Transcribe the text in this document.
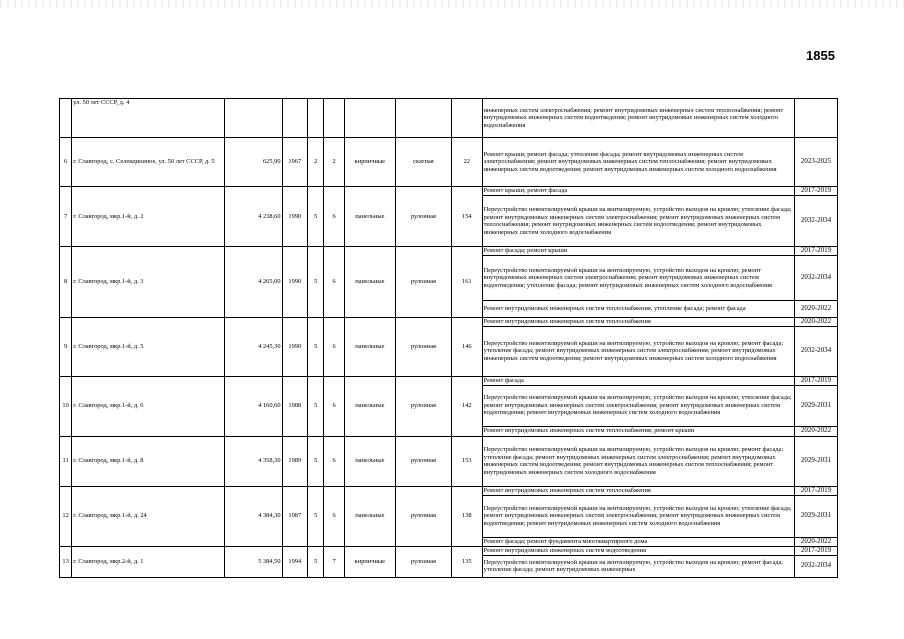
1855
	ул. 50 лет СССР, д. 4								инженерных систем электроснабжения; ремонт внутридомовых инженерных систем теплоснабжения; ремонт внутридомовых инженерных систем водоотведения; ремонт внутридомовых инженерных систем холодного водоснабжения	
6	г. Славгород, с. Селекционное, ул. 50 лет СССР, д. 5	625,90	1967	2	2	кирпичные	скатная	22	Ремонт крыши; ремонт фасада; утепление фасада; ремонт внутридомовых инженерных систем электроснабжения; ремонт внутридомовых инженерных систем теплоснабжения; ремонт внутридомовых инженерных систем водоотведения; ремонт внутридомовых инженерных систем холодного водоснабжения	2023-2025
7	г. Славгород, мкр.1-й, д. 2	4 238,60	1990	5	6	панельные	рулонная	154	Ремонт крыши; ремонт фасада	2017-2019
									Переустройство невентилируемой крыши на вентилируемую, устройство выходов на кровлю; утепление фасада; ремонт внутридомовых инженерных систем электроснабжения; ремонт внутридомовых инженерных систем теплоснабжения; ремонт внутридомовых инженерных систем водоотведения; ремонт внутридомовых инженерных систем холодного водоснабжения	2032-2034
8	г. Славгород, мкр.1-й, д. 3	4 265,00	1990	5	6	панельные	рулонная	161	Ремонт фасада; ремонт крыши	2017-2019
									Переустройство невентилируемой крыши на вентилируемую, устройство выходов на кровлю; ремонт внутридомовых инженерных систем электроснабжения; ремонт внутридомовых инженерных систем водоотведения; утепление фасада; ремонт внутридомовых инженерных систем холодного водоснабжения	2032-2034
									Ремонт внутридомовых инженерных систем теплоснабжения, утепление фасада; ремонт фасада	2020-2022
9	г. Славгород, мкр.1-й, д. 5	4 245,30	1990	5	6	панельные	рулонная	146	Ремонт внутридомовых инженерных систем теплоснабжения	2020-2022
									Переустройство невентилируемой крыши на вентилируемую, устройство выходов на кровлю; ремонт фасада; утепление фасада; ремонт внутридомовых инженерных систем электроснабжения; ремонт внутридомовых инженерных систем водоотведения; ремонт внутридомовых инженерных систем холодного водоснабжения	2032-2034
10	г. Славгород, мкр.1-й, д. 6	4 160,60	1988	5	6	панельные	рулонная	142	Ремонт фасада	2017-2019
									Переустройство невентилируемой крыши на вентилируемую, устройство выходов на кровлю; утепление фасада; ремонт внутридомовых инженерных систем электроснабжения; ремонт внутридомовых инженерных систем водоотведения; ремонт внутридомовых инженерных систем холодного водоснабжения	2029-2031
									Ремонт внутридомовых инженерных систем теплоснабжения; ремонт крыши	2020-2022
11	г. Славгород, мкр.1-й, д. 8	4 358,30	1989	5	6	панельные	рулонная	153	Переустройство невентилируемой крыши на вентилируемую, устройство выходов на кровлю; ремонт фасада; утепление фасада; ремонт внутридомовых инженерных систем электроснабжения; ремонт внутридомовых инженерных систем водоотведения; ремонт внутридомовых инженерных систем теплоснабжения; ремонт внутридомовых инженерных систем холодного водоснабжения	2029-2031
12	г. Славгород, мкр.1-й, д. 24	4 384,30	1987	5	6	панельные	рулонная	138	Ремонт внутридомовых инженерных систем теплоснабжения	2017-2019
									Переустройство невентилируемой крыши на вентилируемую, устройство выходов на кровлю; утепление фасада; ремонт внутридомовых инженерных систем электроснабжения; ремонт внутридомовых инженерных систем водоотведения; ремонт внутридомовых инженерных систем холодного водоснабжения	2029-2031
									Ремонт фасада; ремонт фундамента многоквартирного дома	2020-2022
13	г. Славгород, мкр.2-й, д. 1	5 384,50	1994	5	7	кирпичные	рулонная	135	Ремонт внутридомовых инженерных систем водоотведения	2017-2019
									Переустройство невентилируемой крыши на вентилируемую, устройство выходов на кровлю; ремонт фасада; утепление фасада; ремонт внутридомовых инженерных	2032-2034
